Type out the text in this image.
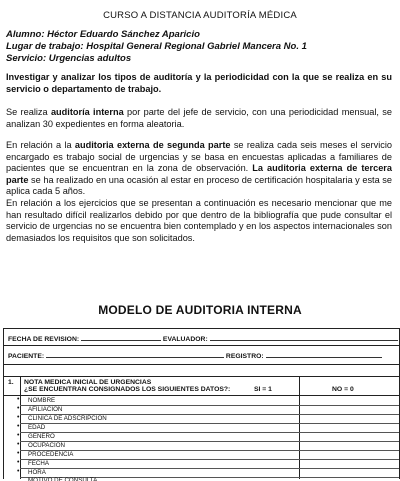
CURSO A DISTANCIA AUDITORÍA MÉDICA
Alumno: Héctor Eduardo Sánchez Aparicio
Lugar de trabajo: Hospital General Regional Gabriel Mancera No. 1
Servicio: Urgencias adultos
Investigar y analizar los tipos de auditoría y la periodicidad con la que se realiza en su servicio o departamento de trabajo.
Se realiza auditoría interna por parte del jefe de servicio, con una periodicidad mensual, se analizan 30 expedientes en forma aleatoria.
En relación a la auditoria externa de segunda parte se realiza cada seis meses el servicio encargado es trabajo social de urgencias y se basa en encuestas aplicadas a familiares de pacientes que se encuentran en la zona de observación. La auditoria externa de tercera parte se ha realizado en una ocasión al estar en proceso de certificación hospitalaria y esta se aplica cada 5 años.
En relación a los ejercicios que se presentan a continuación es necesario mencionar que me han resultado difícil realizarlos debido por que dentro de la bibliografía que pude consultar el servicio de urgencias no se encuentra bien contemplado y en los aspectos internacionales son demasiados los requisitos que son solicitados.
MODELO DE AUDITORIA INTERNA
FECHA DE REVISION:	EVALUADOR:
PACIENTE:	REGISTRO:
1.	NOTA MEDICA INICIAL DE URGENCIAS
¿SE ENCUENTRAN CONSIGNADOS LOS SIGUIENTES DATOS?:	SI = 1	NO = 0
• NOMBRE
• AFILIACION
• CLINICA DE ADSCRIPCION
• EDAD
• GENERO
• OCUPACION
• PROCEDENCIA
• FECHA
• HORA
• MOTIVO DE CONSULTA
